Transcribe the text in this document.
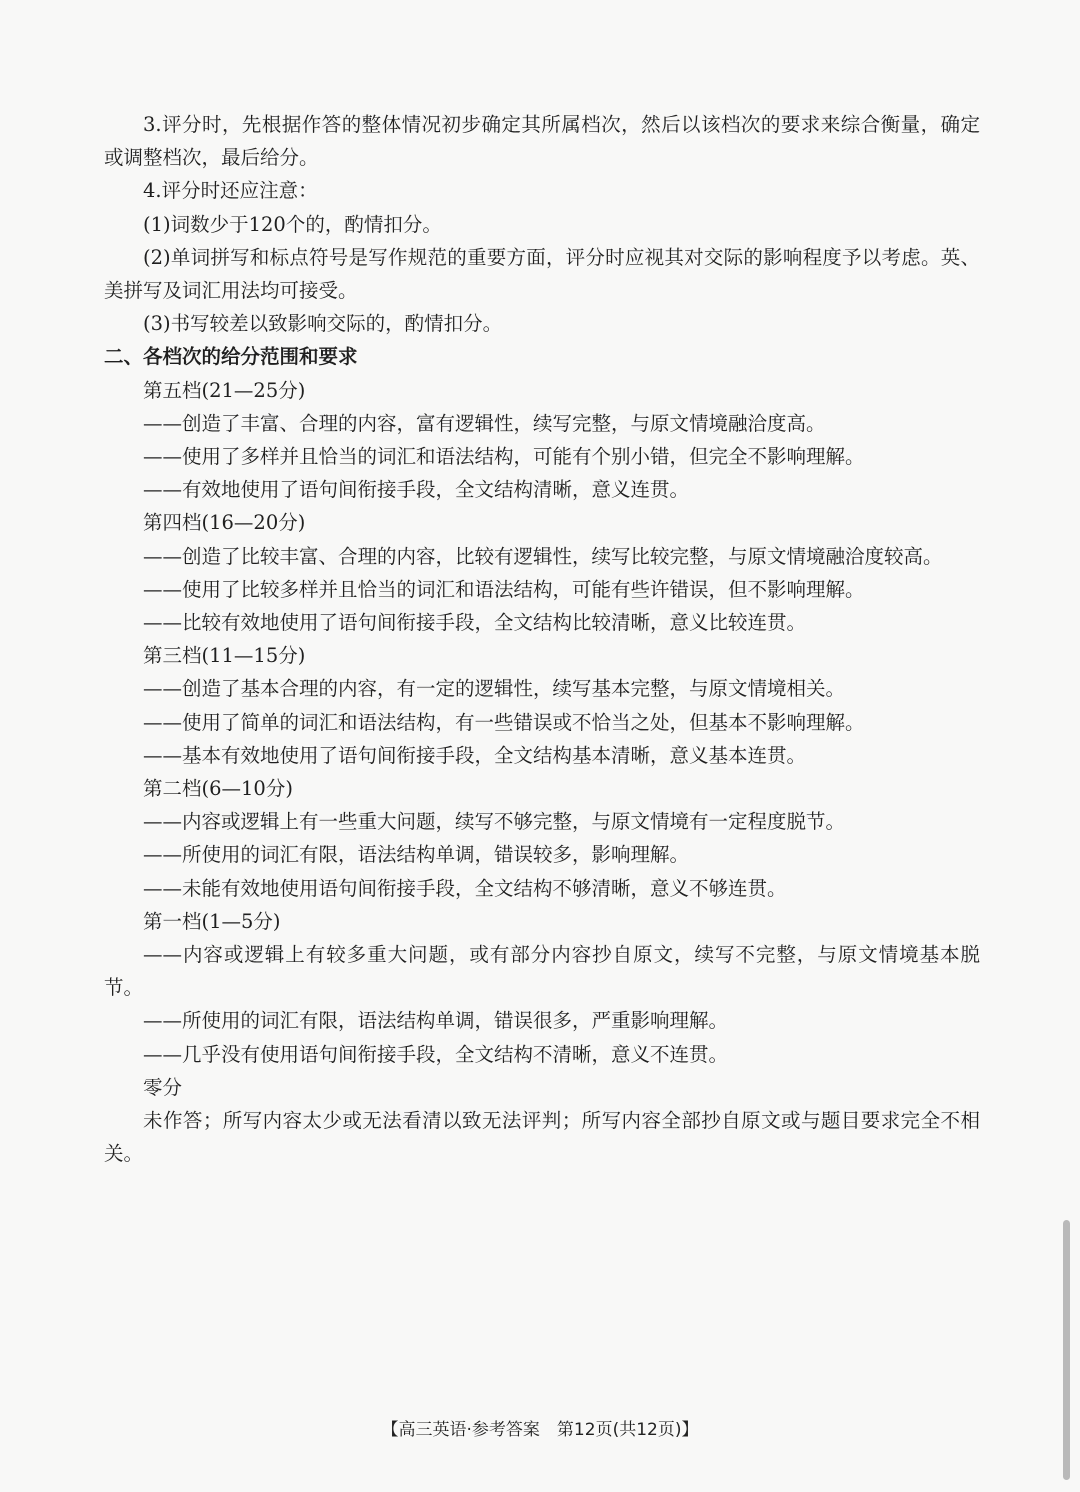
3.评分时，先根据作答的整体情况初步确定其所属档次，然后以该档次的要求来综合衡量，确定或调整档次，最后给分。

4.评分时还应注意：

(1)词数少于120个的，酌情扣分。

(2)单词拼写和标点符号是写作规范的重要方面，评分时应视其对交际的影响程度予以考虑。英、美拼写及词汇用法均可接受。

(3)书写较差以致影响交际的，酌情扣分。

二、各档次的给分范围和要求

第五档(21—25分)

——创造了丰富、合理的内容，富有逻辑性，续写完整，与原文情境融洽度高。

——使用了多样并且恰当的词汇和语法结构，可能有个别小错，但完全不影响理解。

——有效地使用了语句间衔接手段，全文结构清晰，意义连贯。

第四档(16—20分)

——创造了比较丰富、合理的内容，比较有逻辑性，续写比较完整，与原文情境融洽度较高。

——使用了比较多样并且恰当的词汇和语法结构，可能有些许错误，但不影响理解。

——比较有效地使用了语句间衔接手段，全文结构比较清晰，意义比较连贯。

第三档(11—15分)

——创造了基本合理的内容，有一定的逻辑性，续写基本完整，与原文情境相关。

——使用了简单的词汇和语法结构，有一些错误或不恰当之处，但基本不影响理解。

——基本有效地使用了语句间衔接手段，全文结构基本清晰，意义基本连贯。

第二档(6—10分)

——内容或逻辑上有一些重大问题，续写不够完整，与原文情境有一定程度脱节。

——所使用的词汇有限，语法结构单调，错误较多，影响理解。

——未能有效地使用语句间衔接手段，全文结构不够清晰，意义不够连贯。

第一档(1—5分)

——内容或逻辑上有较多重大问题，或有部分内容抄自原文，续写不完整，与原文情境基本脱节。

——所使用的词汇有限，语法结构单调，错误很多，严重影响理解。

——几乎没有使用语句间衔接手段，全文结构不清晰，意义不连贯。

零分

未作答；所写内容太少或无法看清以致无法评判；所写内容全部抄自原文或与题目要求完全不相关。

【高三英语·参考答案　第12页(共12页)】
